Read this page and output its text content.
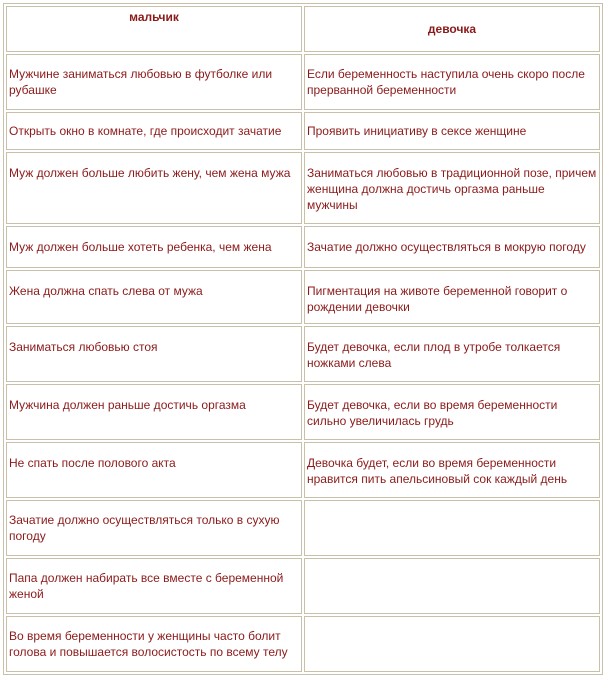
мальчик	девочка
Мужчине заниматься любовью в футболке или рубашке	Если беременность наступила очень скоро после прерванной беременности
Открыть окно в комнате, где происходит зачатие	Проявить инициативу в сексе женщине

Муж должен больше любить жену, чем жена мужа	Заниматься любовью в традиционной позе, причем женщина должна достичь оргазма раньше мужчины

Муж должен больше хотеть ребенка, чем жена	Зачатие должно осуществляться в мокрую погоду

Жена должна спать слева от мужа	Пигментация на животе беременной говорит о рождении девочки

Заниматься любовью стоя	Будет девочка, если плод в утробе толкается ножками слева

Мужчина должен раньше достичь оргазма	Будет девочка, если во время беременности сильно увеличилась грудь

Не спать после полового акта	Девочка будет, если во время беременности нравится пить апельсиновый сок каждый день

Зачатие должно осуществляться только в сухую погоду	
Папа должен набирать все вместе с беременной женой	
Во время беременности у женщины часто болит голова и повышается волосистость по всему телу	
